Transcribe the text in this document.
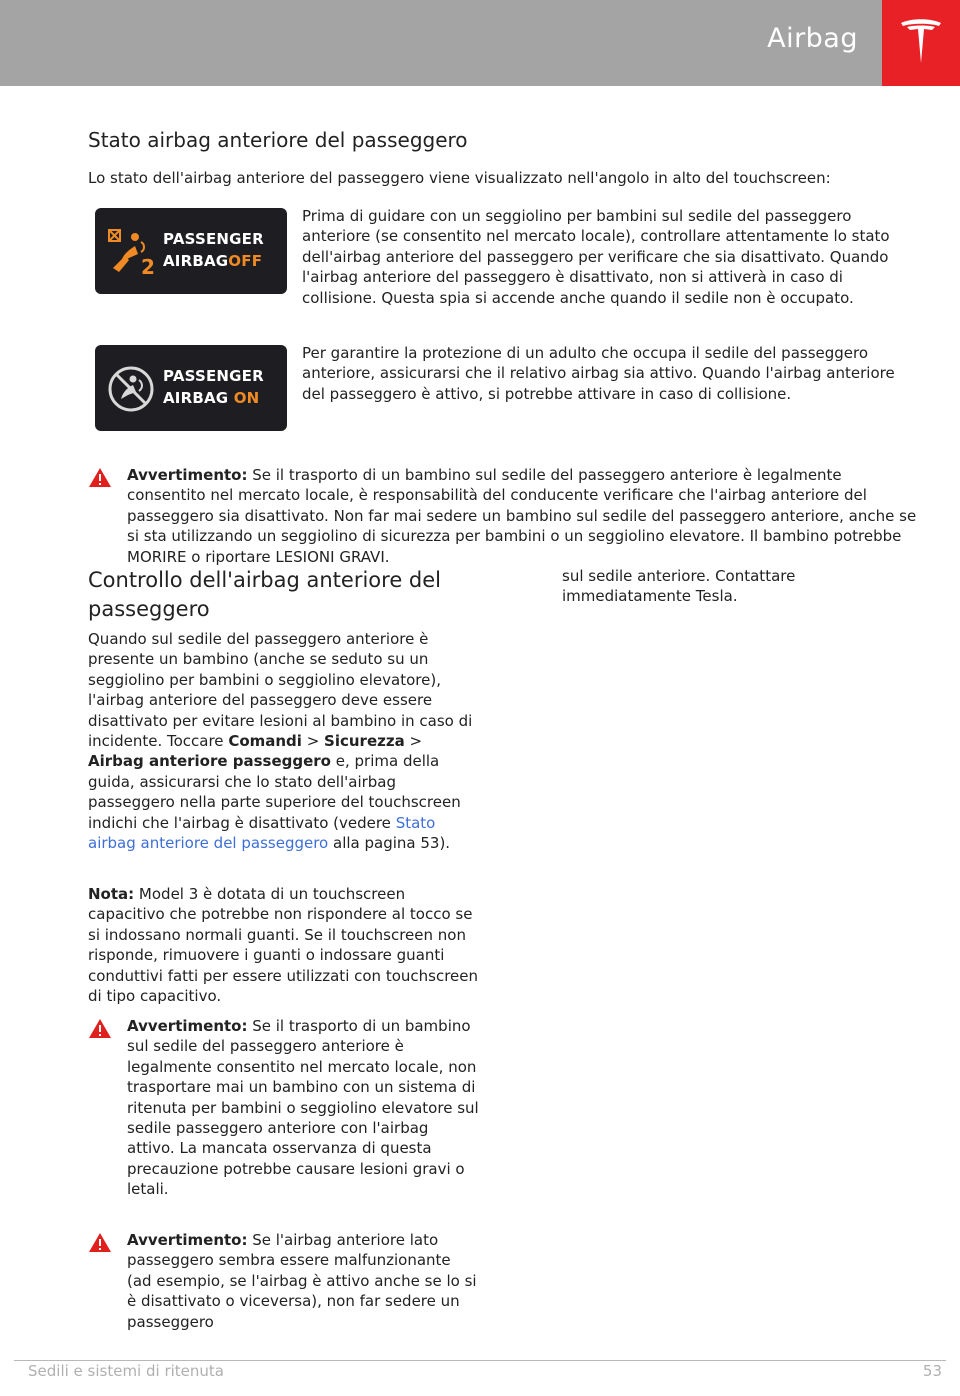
Airbag
Stato airbag anteriore del passeggero
Lo stato dell'airbag anteriore del passeggero viene visualizzato nell'angolo in alto del touchscreen:
2
PASSENGER
AIRBAGOFF
Prima di guidare con un seggiolino per bambini sul sedile del passeggero anteriore (se consentito nel mercato locale), controllare attentamente lo stato dell'airbag anteriore del passeggero per verificare che sia disattivato. Quando l'airbag anteriore del passeggero è disattivato, non si attiverà in caso di collisione. Questa spia si accende anche quando il sedile non è occupato.
PASSENGER
AIRBAG ON
Per garantire la protezione di un adulto che occupa il sedile del passeggero anteriore, assicurarsi che il relativo airbag sia attivo. Quando l'airbag anteriore del passeggero è attivo, si potrebbe attivare in caso di collisione.
Avvertimento: Se il trasporto di un bambino sul sedile del passeggero anteriore è legalmente consentito nel mercato locale, è responsabilità del conducente verificare che l'airbag anteriore del passeggero sia disattivato. Non far mai sedere un bambino sul sedile del passeggero anteriore, anche se si sta utilizzando un seggiolino di sicurezza per bambini o un seggiolino elevatore. Il bambino potrebbe MORIRE o riportare LESIONI GRAVI.
Controllo dell'airbag anteriore del passeggero
Quando sul sedile del passeggero anteriore è presente un bambino (anche se seduto su un seggiolino per bambini o seggiolino elevatore), l'airbag anteriore del passeggero deve essere disattivato per evitare lesioni al bambino in caso di incidente. Toccare Comandi > Sicurezza > Airbag anteriore passeggero e, prima della guida, assicurarsi che lo stato dell'airbag passeggero nella parte superiore del touchscreen indichi che l'airbag è disattivato (vedere Stato airbag anteriore del passeggero alla pagina 53).
Nota: Model 3 è dotata di un touchscreen capacitivo che potrebbe non rispondere al tocco se si indossano normali guanti. Se il touchscreen non risponde, rimuovere i guanti o indossare guanti conduttivi fatti per essere utilizzati con touchscreen di tipo capacitivo.
Avvertimento: Se il trasporto di un bambino sul sedile del passeggero anteriore è legalmente consentito nel mercato locale, non trasportare mai un bambino con un sistema di ritenuta per bambini o seggiolino elevatore sul sedile passeggero anteriore con l'airbag attivo. La mancata osservanza di questa precauzione potrebbe causare lesioni gravi o letali.
Avvertimento: Se l'airbag anteriore lato passeggero sembra essere malfunzionante (ad esempio, se l'airbag è attivo anche se lo si è disattivato o viceversa), non far sedere un passeggero
sul sedile anteriore. Contattare immediatamente Tesla.
Sedili e sistemi di ritenuta	53
